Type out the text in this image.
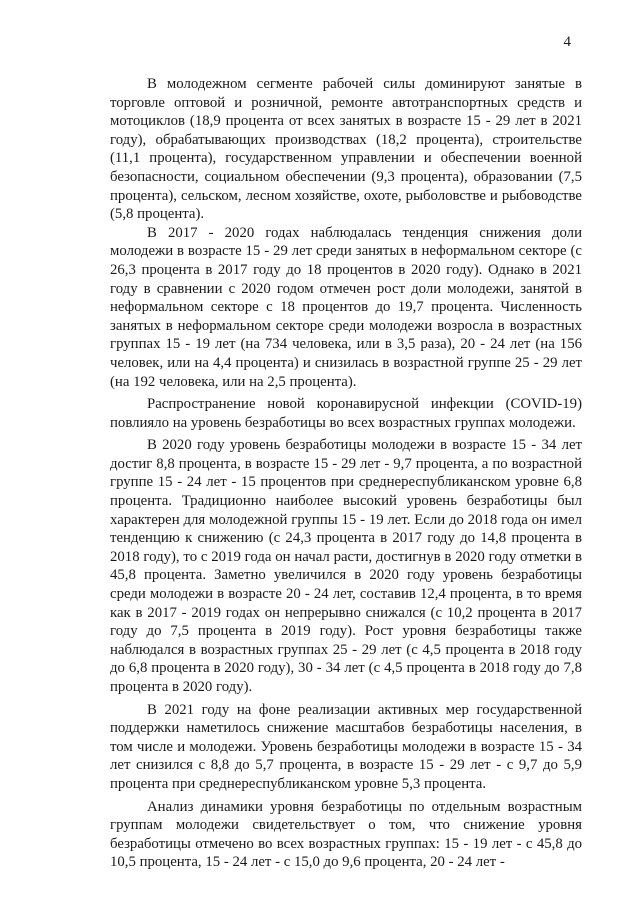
4

В молодежном сегменте рабочей силы доминируют занятые в торговле оптовой и розничной, ремонте автотранспортных средств и мотоциклов (18,9 процента от всех занятых в возрасте 15 - 29 лет в 2021 году), обрабатывающих производствах (18,2 процента), строительстве (11,1 процента), государственном управлении и обеспечении военной безопасности, социальном обеспечении (9,3 процента), образовании (7,5 процента), сельском, лесном хозяйстве, охоте, рыболовстве и рыбоводстве (5,8 процента).

В 2017 - 2020 годах наблюдалась тенденция снижения доли молодежи в возрасте 15 - 29 лет среди занятых в неформальном секторе (с 26,3 процента в 2017 году до 18 процентов в 2020 году). Однако в 2021 году в сравнении с 2020 годом отмечен рост доли молодежи, занятой в неформальном секторе с 18 процентов до 19,7 процента. Численность занятых в неформальном секторе среди молодежи возросла в возрастных группах 15 - 19 лет (на 734 человека, или в 3,5 раза), 20 - 24 лет (на 156 человек, или на 4,4 процента) и снизилась в возрастной группе 25 - 29 лет (на 192 человека, или на 2,5 процента).

Распространение новой коронавирусной инфекции (COVID-19) повлияло на уровень безработицы во всех возрастных группах молодежи.

В 2020 году уровень безработицы молодежи в возрасте 15 - 34 лет достиг 8,8 процента, в возрасте 15 - 29 лет - 9,7 процента, а по возрастной группе 15 - 24 лет - 15 процентов при среднереспубликанском уровне 6,8 процента. Традиционно наиболее высокий уровень безработицы был характерен для молодежной группы 15 - 19 лет. Если до 2018 года он имел тенденцию к снижению (с 24,3 процента в 2017 году до 14,8 процента в 2018 году), то с 2019 года он начал расти, достигнув в 2020 году отметки в 45,8 процента. Заметно увеличился в 2020 году уровень безработицы среди молодежи в возрасте 20 - 24 лет, составив 12,4 процента, в то время как в 2017 - 2019 годах он непрерывно снижался (с 10,2 процента в 2017 году до 7,5 процента в 2019 году). Рост уровня безработицы также наблюдался в возрастных группах 25 - 29 лет (с 4,5 процента в 2018 году до 6,8 процента в 2020 году), 30 - 34 лет (с 4,5 процента в 2018 году до 7,8 процента в 2020 году).

В 2021 году на фоне реализации активных мер государственной поддержки наметилось снижение масштабов безработицы населения, в том числе и молодежи. Уровень безработицы молодежи в возрасте 15 - 34 лет снизился с 8,8 до 5,7 процента, в возрасте 15 - 29 лет - с 9,7 до 5,9 процента при среднереспубликанском уровне 5,3 процента.

Анализ динамики уровня безработицы по отдельным возрастным группам молодежи свидетельствует о том, что снижение уровня безработицы отмечено во всех возрастных группах: 15 - 19 лет - с 45,8 до 10,5 процента, 15 - 24 лет - с 15,0 до 9,6 процента, 20 - 24 лет -
